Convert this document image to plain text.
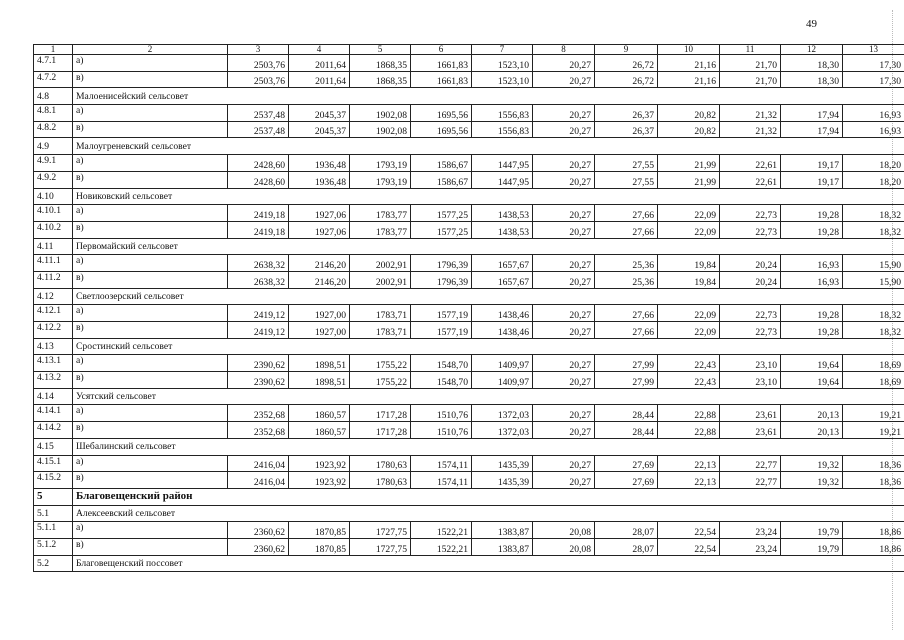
49
1	2	3	4	5	6	7	8	9	10	11	12	13
4.7.1	а)	2503,76	2011,64	1868,35	1661,83	1523,10	20,27	26,72	21,16	21,70	18,30	17,30
4.7.2	в)	2503,76	2011,64	1868,35	1661,83	1523,10	20,27	26,72	21,16	21,70	18,30	17,30
4.8	Малоенисейский сельсовет											
4.8.1	а)	2537,48	2045,37	1902,08	1695,56	1556,83	20,27	26,37	20,82	21,32	17,94	16,93
4.8.2	в)	2537,48	2045,37	1902,08	1695,56	1556,83	20,27	26,37	20,82	21,32	17,94	16,93
4.9	Малоугреневский сельсовет											
4.9.1	а)	2428,60	1936,48	1793,19	1586,67	1447,95	20,27	27,55	21,99	22,61	19,17	18,20
4.9.2	в)	2428,60	1936,48	1793,19	1586,67	1447,95	20,27	27,55	21,99	22,61	19,17	18,20
4.10	Новиковский сельсовет											
4.10.1	а)	2419,18	1927,06	1783,77	1577,25	1438,53	20,27	27,66	22,09	22,73	19,28	18,32
4.10.2	в)	2419,18	1927,06	1783,77	1577,25	1438,53	20,27	27,66	22,09	22,73	19,28	18,32
4.11	Первомайский сельсовет											
4.11.1	а)	2638,32	2146,20	2002,91	1796,39	1657,67	20,27	25,36	19,84	20,24	16,93	15,90
4.11.2	в)	2638,32	2146,20	2002,91	1796,39	1657,67	20,27	25,36	19,84	20,24	16,93	15,90
4.12	Светлоозерский сельсовет											
4.12.1	а)	2419,12	1927,00	1783,71	1577,19	1438,46	20,27	27,66	22,09	22,73	19,28	18,32
4.12.2	в)	2419,12	1927,00	1783,71	1577,19	1438,46	20,27	27,66	22,09	22,73	19,28	18,32
4.13	Сростинский сельсовет											
4.13.1	а)	2390,62	1898,51	1755,22	1548,70	1409,97	20,27	27,99	22,43	23,10	19,64	18,69
4.13.2	в)	2390,62	1898,51	1755,22	1548,70	1409,97	20,27	27,99	22,43	23,10	19,64	18,69
4.14	Усятский сельсовет											
4.14.1	а)	2352,68	1860,57	1717,28	1510,76	1372,03	20,27	28,44	22,88	23,61	20,13	19,21
4.14.2	в)	2352,68	1860,57	1717,28	1510,76	1372,03	20,27	28,44	22,88	23,61	20,13	19,21
4.15	Шебалинский сельсовет											
4.15.1	а)	2416,04	1923,92	1780,63	1574,11	1435,39	20,27	27,69	22,13	22,77	19,32	18,36
4.15.2	в)	2416,04	1923,92	1780,63	1574,11	1435,39	20,27	27,69	22,13	22,77	19,32	18,36
5	Благовещенский район											
5.1	Алексеевский сельсовет											
5.1.1	а)	2360,62	1870,85	1727,75	1522,21	1383,87	20,08	28,07	22,54	23,24	19,79	18,86
5.1.2	в)	2360,62	1870,85	1727,75	1522,21	1383,87	20,08	28,07	22,54	23,24	19,79	18,86
5.2	Благовещенский поссовет											
